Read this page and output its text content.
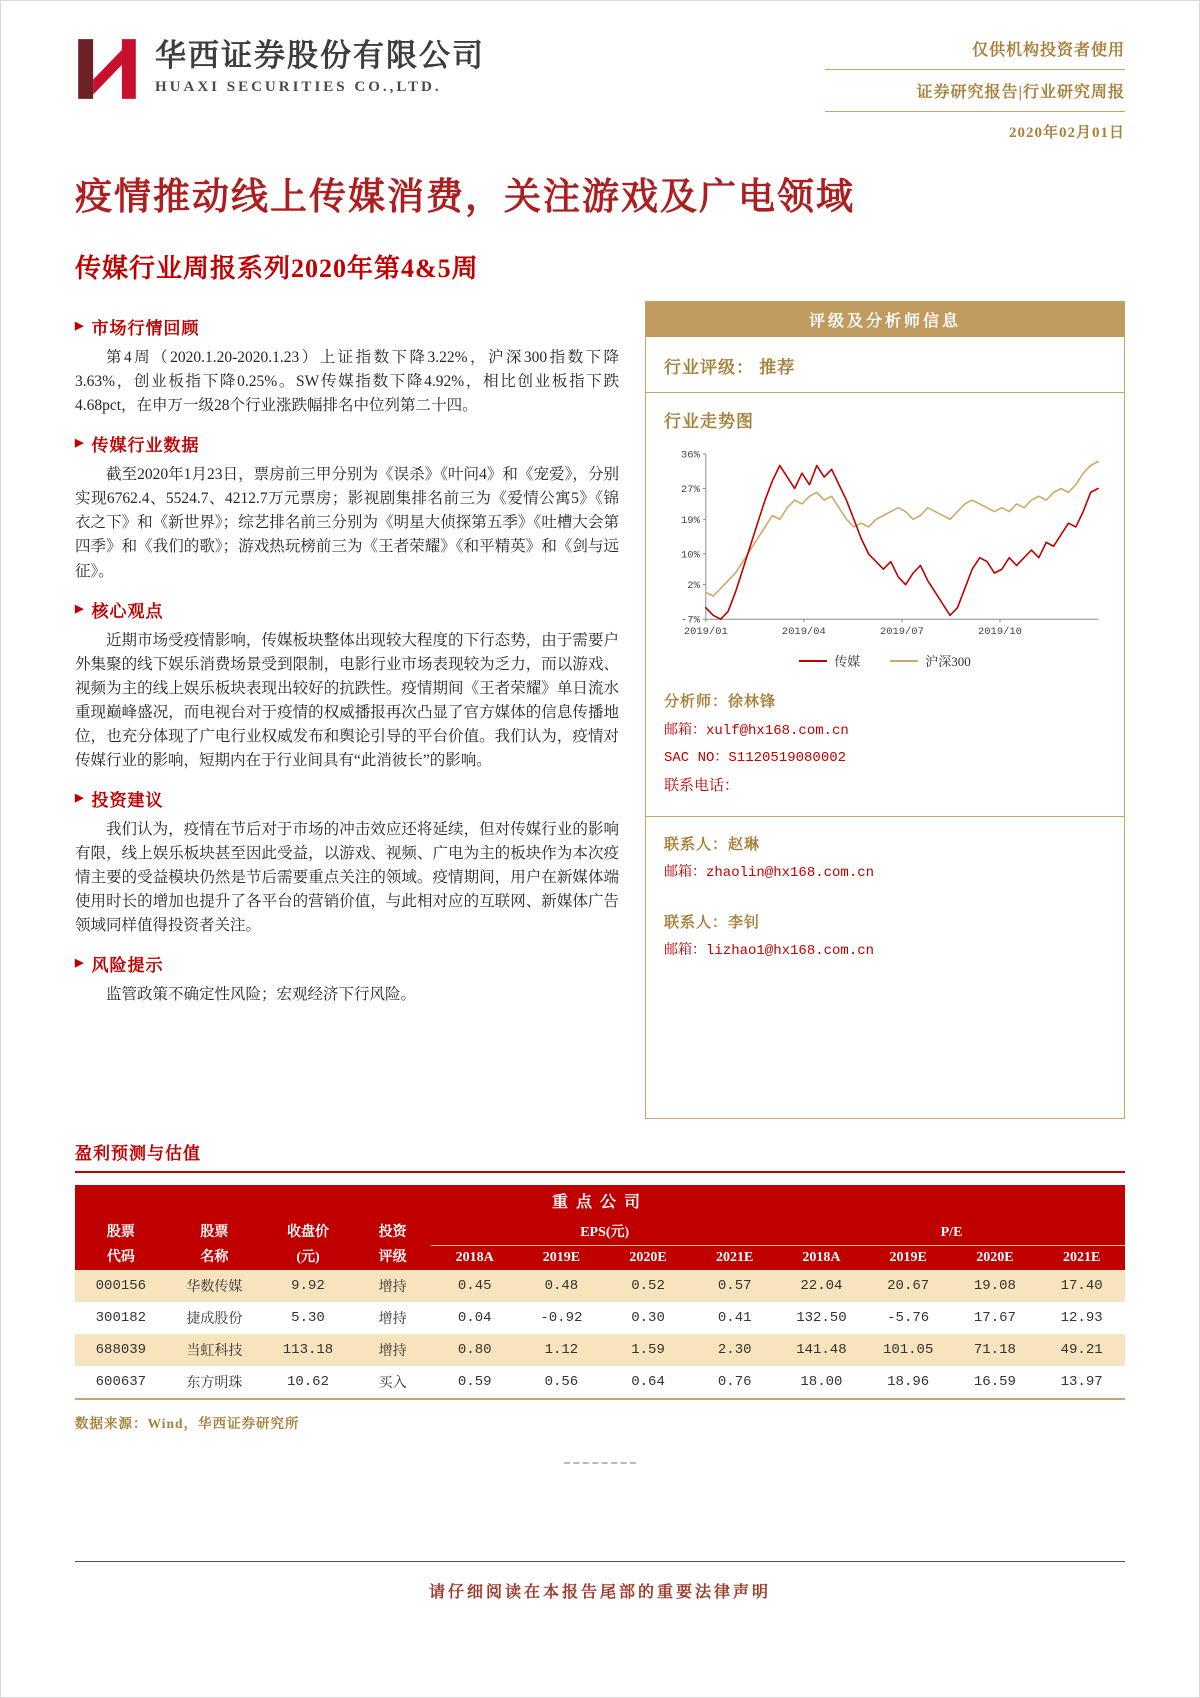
华西证券股份有限公司
HUAXI SECURITIES CO.,LTD.
仅供机构投资者使用
证券研究报告|行业研究周报
2020年02月01日
疫情推动线上传媒消费，关注游戏及广电领域
传媒行业周报系列2020年第4&5周
▶ 市场行情回顾

第4周（2020.1.20-2020.1.23）上证指数下降3.22%，沪深300指数下降3.63%，创业板指下降0.25%。SW传媒指数下降4.92%，相比创业板指下跌4.68pct，在申万一级28个行业涨跌幅排名中位列第二十四。

▶ 传媒行业数据

截至2020年1月23日，票房前三甲分别为《误杀》《叶问4》和《宠爱》，分别实现6762.4、5524.7、4212.7万元票房；影视剧集排名前三为《爱情公寓5》《锦衣之下》和《新世界》；综艺排名前三分别为《明星大侦探第五季》《吐槽大会第四季》和《我们的歌》；游戏热玩榜前三为《王者荣耀》《和平精英》和《剑与远征》。

▶ 核心观点

近期市场受疫情影响，传媒板块整体出现较大程度的下行态势，由于需要户外集聚的线下娱乐消费场景受到限制，电影行业市场表现较为乏力，而以游戏、视频为主的线上娱乐板块表现出较好的抗跌性。疫情期间《王者荣耀》单日流水重现巅峰盛况，而电视台对于疫情的权威播报再次凸显了官方媒体的信息传播地位，也充分体现了广电行业权威发布和舆论引导的平台价值。我们认为，疫情对传媒行业的影响，短期内在于行业间具有“此消彼长”的影响。

▶ 投资建议

我们认为，疫情在节后对于市场的冲击效应还将延续，但对传媒行业的影响有限，线上娱乐板块甚至因此受益，以游戏、视频、广电为主的板块作为本次疫情主要的受益模块仍然是节后需要重点关注的领域。疫情期间，用户在新媒体端使用时长的增加也提升了各平台的营销价值，与此相对应的互联网、新媒体广告领域同样值得投资者关注。

▶ 风险提示

监管政策不确定性风险；宏观经济下行风险。

评级及分析师信息
行业评级： 推荐
行业走势图
36%
27%
19%
10%
2%
-7%
2019/01	2019/04	2019/07	2019/10
传媒	沪深300
分析师：徐林锋
邮箱：xulf@hx168.com.cn
SAC NO：S1120519080002
联系电话：
联系人：赵琳
邮箱：zhaolin@hx168.com.cn
联系人：李钊
邮箱：lizhao1@hx168.com.cn
盈利预测与估值
重点公司											
股票	股票	收盘价	投资	EPS(元)				P/E			
代码	名称	(元)	评级	2018A	2019E	2020E	2021E	2018A	2019E	2020E	2021E
000156	华数传媒	9.92	增持	0.45	0.48	0.52	0.57	22.04	20.67	19.08	17.40
300182	捷成股份	5.30	增持	0.04	-0.92	0.30	0.41	132.50	-5.76	17.67	12.93
688039	当虹科技	113.18	增持	0.80	1.12	1.59	2.30	141.48	101.05	71.18	49.21
600637	东方明珠	10.62	买入	0.59	0.56	0.64	0.76	18.00	18.96	16.59	13.97
数据来源：Wind，华西证券研究所
请仔细阅读在本报告尾部的重要法律声明
